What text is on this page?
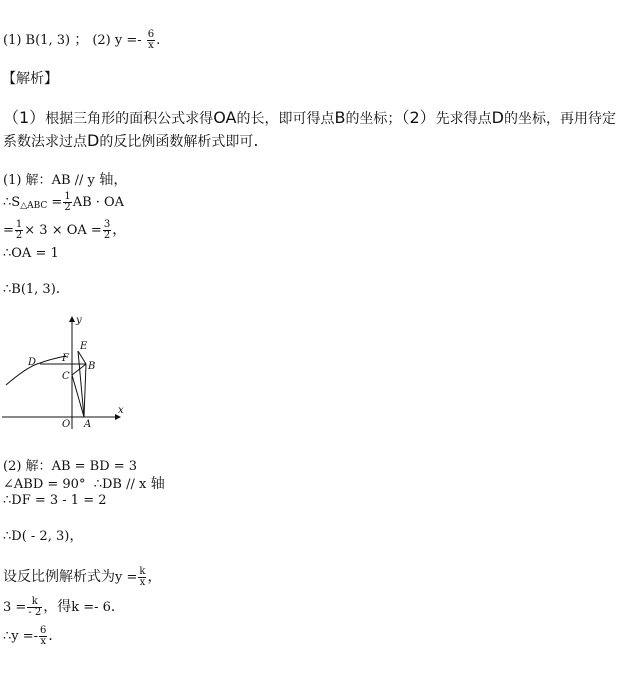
(1) B(1, 3) ； (2) $y =- \frac{6}{x}$ .
【解析】
（1）根据三角形的面积公式求得OA的长，即可得点B的坐标；（2）先求得点D的坐标，再用待定系数法求过点D的反比例函数解析式即可.
(1) 解：AB // y 轴，
$\therefore S_{\triangle ABC} = \frac{1}{2}$ AB · OA
= $\frac{1}{2} \times 3$ × OA = $\frac{3}{2}$ ，
∴OA = 1
∴B(1, 3)．
y
x
O A
B
C
D
E
F
(2) 解：AB = BD = 3
∠ABD = 90° ∴DB // x 轴
∴DF = 3 - 1 = 2
∴D( - 2, 3)，
设反比例解析式为$y = \frac{k}{x}$ ，
$3 = \frac{k}{- 2}$ ，得k =- 6．
∴y =- $\frac{6}{x}$ ．
